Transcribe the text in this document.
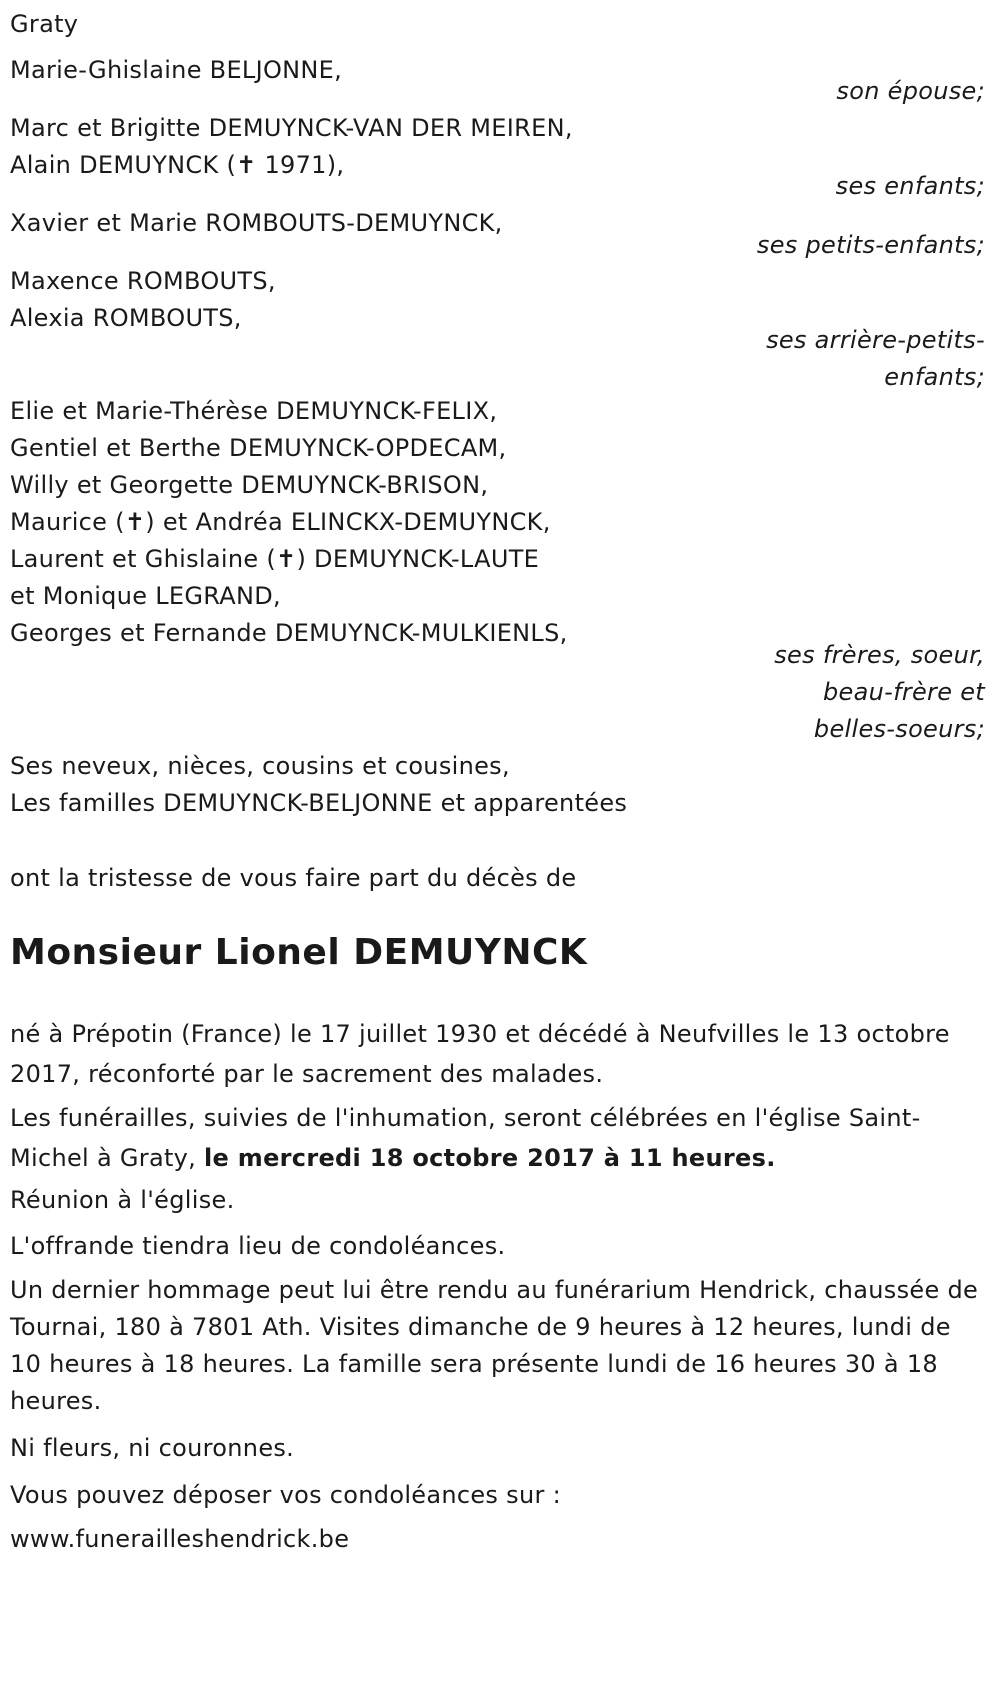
Graty
Marie-Ghislaine BELJONNE,
son épouse;
Marc et Brigitte DEMUYNCK-VAN DER MEIREN,
Alain DEMUYNCK (✝ 1971),
ses enfants;
Xavier et Marie ROMBOUTS-DEMUYNCK,
ses petits-enfants;
Maxence ROMBOUTS,
Alexia ROMBOUTS,
ses arrière-petits-
enfants;
Elie et Marie-Thérèse DEMUYNCK-FELIX,
Gentiel et Berthe DEMUYNCK-OPDECAM,
Willy et Georgette DEMUYNCK-BRISON,
Maurice (✝) et Andréa ELINCKX-DEMUYNCK,
Laurent et Ghislaine (✝) DEMUYNCK-LAUTE
et Monique LEGRAND,
Georges et Fernande DEMUYNCK-MULKIENLS,
ses frères, soeur,
beau-frère et
belles-soeurs;
Ses neveux, nièces, cousins et cousines,
Les familles DEMUYNCK-BELJONNE et apparentées
ont la tristesse de vous faire part du décès de
Monsieur Lionel DEMUYNCK
né à Prépotin (France) le 17 juillet 1930 et décédé à Neufvilles le 13 octobre 2017, réconforté par le sacrement des malades.
Les funérailles, suivies de l'inhumation, seront célébrées en l'église Saint-Michel à Graty, le mercredi 18 octobre 2017 à 11 heures.
Réunion à l'église.
L'offrande tiendra lieu de condoléances.
Un dernier hommage peut lui être rendu au funérarium Hendrick, chaussée de Tournai, 180 à 7801 Ath. Visites dimanche de 9 heures à 12 heures, lundi de 10 heures à 18 heures. La famille sera présente lundi de 16 heures 30 à 18 heures.
Ni fleurs, ni couronnes.
Vous pouvez déposer vos condoléances sur :
www.funerailleshendrick.be
